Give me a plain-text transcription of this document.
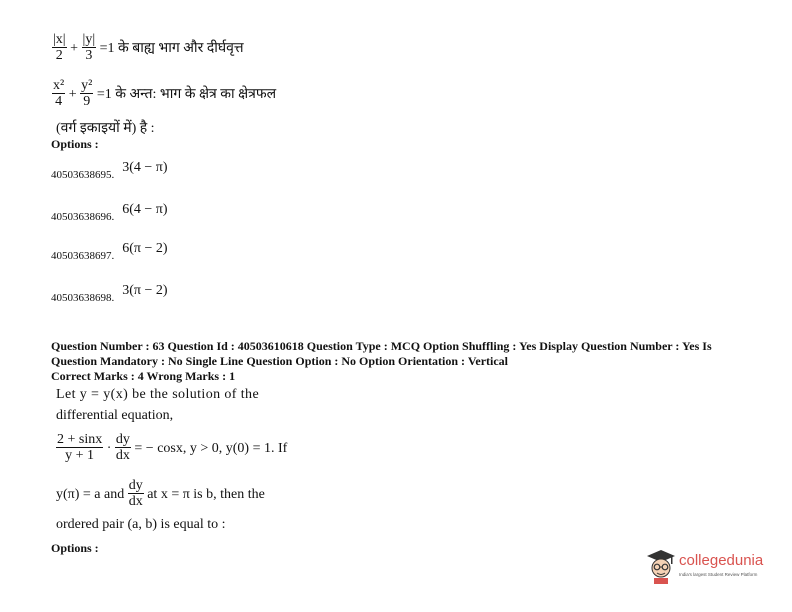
$\frac{|x|}{2} + \frac{|y|}{3} =1$ के बाह्य भाग और दीर्घवृत्त
$\frac{\text{x²}}{4} + \frac{\text{y²}}{9} =1$ के अन्त: भाग के क्षेत्र का क्षेत्रफल
(वर्ग इकाइयों में) है :
Options :
$_{40503638695.}$ 3(4 − π)
$_{40503638696.}$ 6(4 − π)
$_{40503638697.}$ 6(π − 2)
$_{40503638698.}$ 3(π − 2)
Question Number : 63 Question Id : 40503610618 Question Type : MCQ Option Shuffling : Yes Display Question Number : Yes Is
Question Mandatory : No Single Line Question Option : No Option Orientation : Vertical
Correct Marks : 4 Wrong Marks : 1
Let y = y(x) be the solution of the
differential equation,
$\frac{2 + \sin x}{y + 1} \cdot \frac{dy}{dx}$ = − cosx, y > 0, y(0) = 1. If
y(π) = a and $\frac{dy}{dx}$ at x = π is b, then the
ordered pair (a, b) is equal to :
Options :
collegedunia
India's largest Student Review Platform
